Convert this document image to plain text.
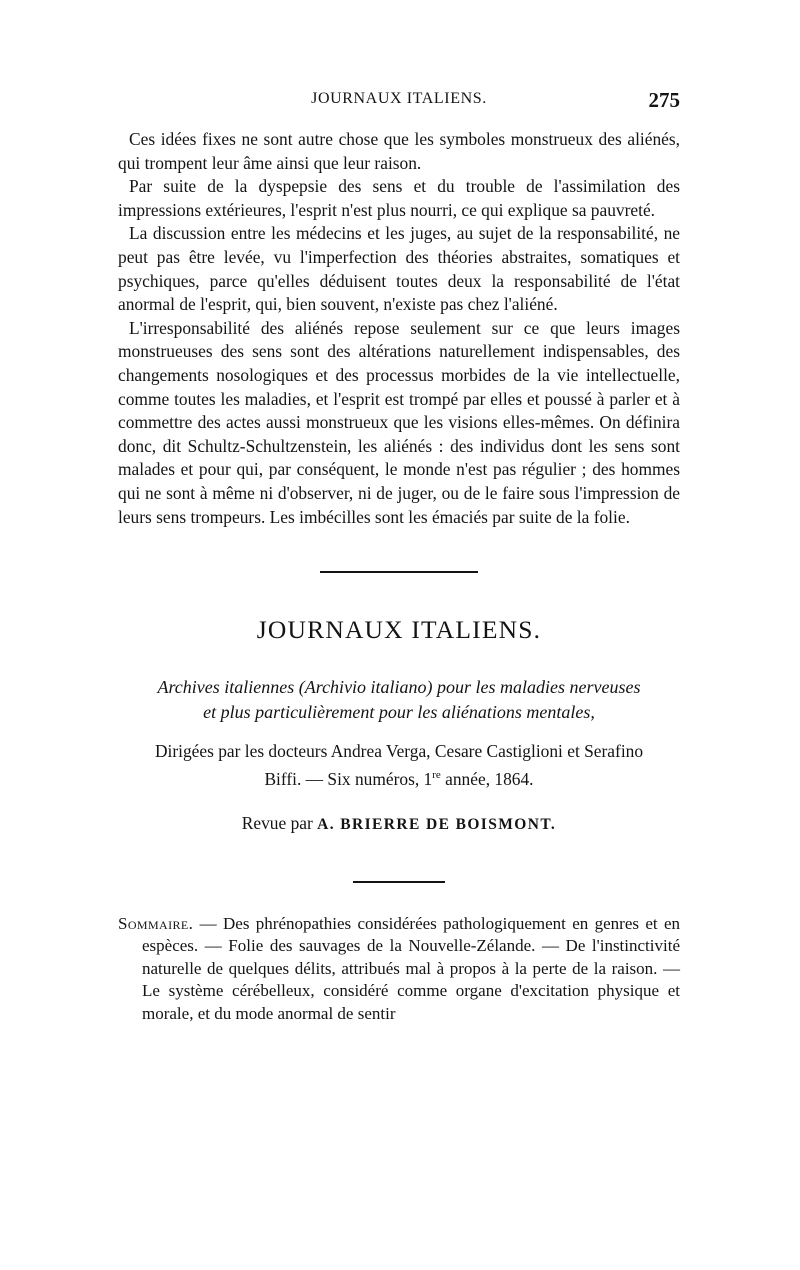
JOURNAUX ITALIENS.	275

Ces idées fixes ne sont autre chose que les symboles monstrueux des aliénés, qui trompent leur âme ainsi que leur raison.

Par suite de la dyspepsie des sens et du trouble de l'assimilation des impressions extérieures, l'esprit n'est plus nourri, ce qui explique sa pauvreté.

La discussion entre les médecins et les juges, au sujet de la responsabilité, ne peut pas être levée, vu l'imperfection des théories abstraites, somatiques et psychiques, parce qu'elles déduisent toutes deux la responsabilité de l'état anormal de l'esprit, qui, bien souvent, n'existe pas chez l'aliéné.

L'irresponsabilité des aliénés repose seulement sur ce que leurs images monstrueuses des sens sont des altérations naturellement indispensables, des changements nosologiques et des processus morbides de la vie intellectuelle, comme toutes les maladies, et l'esprit est trompé par elles et poussé à parler et à commettre des actes aussi monstrueux que les visions elles-mêmes. On définira donc, dit Schultz-Schultzenstein, les aliénés : des individus dont les sens sont malades et pour qui, par conséquent, le monde n'est pas régulier ; des hommes qui ne sont à même ni d'observer, ni de juger, ou de le faire sous l'impression de leurs sens trompeurs. Les imbécilles sont les émaciés par suite de la folie.

JOURNAUX ITALIENS.
Archives italiennes (Archivio italiano) pour les maladies nerveuses
et plus particulièrement pour les aliénations mentales,
Dirigées par les docteurs Andrea Verga, Cesare Castiglioni et Serafino
Biffi. — Six numéros, 1re année, 1864.
Revue par A. BRIERRE DE BOISMONT.
Sommaire. — Des phrénopathies considérées pathologiquement en genres et en espèces. — Folie des sauvages de la Nouvelle-Zélande. — De l'instinctivité naturelle de quelques délits, attribués mal à propos à la perte de la raison. — Le système cérébelleux, considéré comme organe d'excitation physique et morale, et du mode anormal de sentir
